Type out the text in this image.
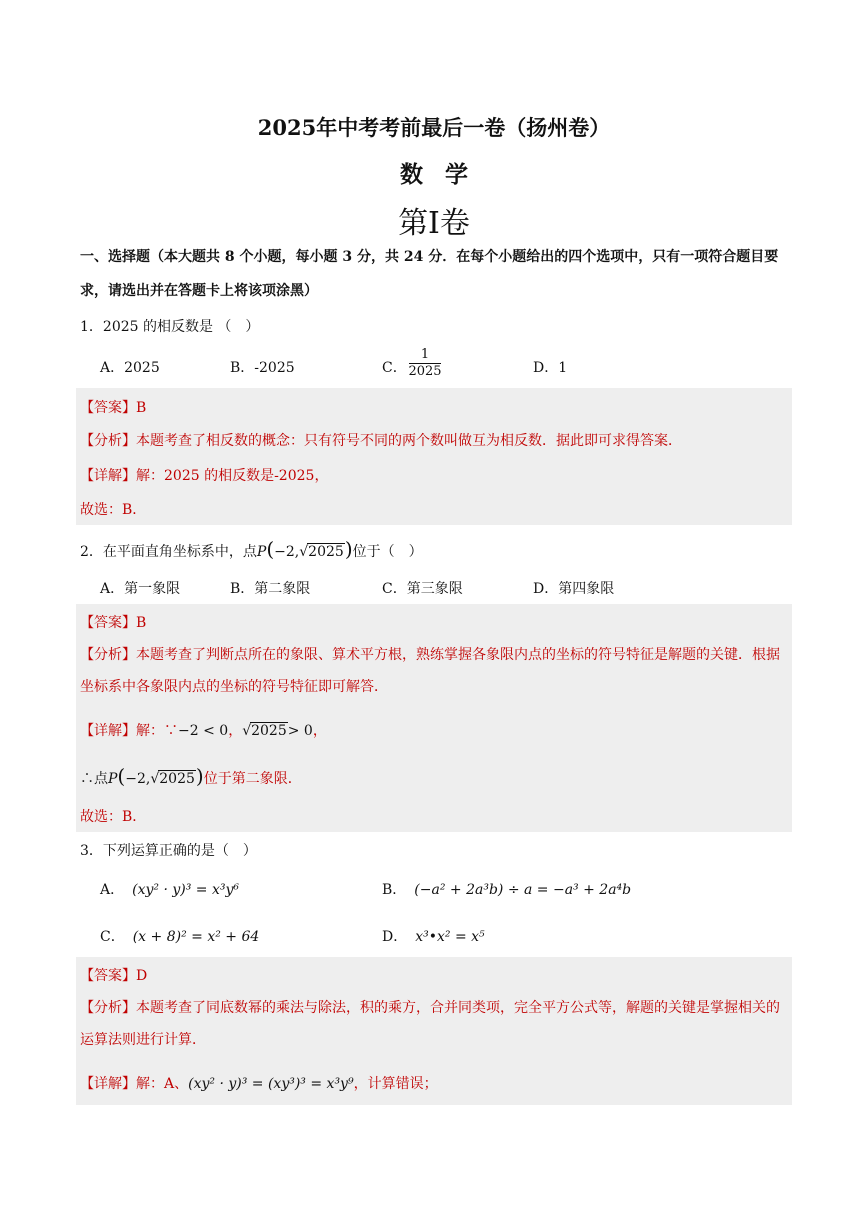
2025年中考考前最后一卷（扬州卷）
数学
第I卷
一、选择题（本大题共 8 个小题，每小题 3 分，共 24 分．在每个小题给出的四个选项中，只有一项符合题目要求，请选出并在答题卡上将该项涂黑）
1．2025 的相反数是 （　）
A．2025	B．-2025	C．
1
2025	D．1
【答案】B
【分析】本题考查了相反数的概念：只有符号不同的两个数叫做互为相反数．据此即可求得答案．
【详解】解：2025 的相反数是-2025，
故选：B．
2．在平面直角坐标系中，点P(−2,√2025)位于（　）
A．第一象限	B．第二象限	C．第三象限	D．第四象限
【答案】B
【分析】本题考查了判断点所在的象限、算术平方根，熟练掌握各象限内点的坐标的符号特征是解题的关键．根据坐标系中各象限内点的坐标的符号特征即可解答．
【详解】解：∵−2 < 0，√2025> 0，
∴点P(−2,√2025)位于第二象限．
故选：B．
3．下列运算正确的是（　）
A． (xy² · y)³ = x³y⁶	B． (−a² + 2a³b) ÷ a = −a³ + 2a⁴b
C． (x + 8)² = x² + 64	D． x³•x² = x⁵
【答案】D
【分析】本题考查了同底数幂的乘法与除法，积的乘方，合并同类项，完全平方公式等，解题的关键是掌握相关的运算法则进行计算．
【详解】解：A、(xy² · y)³ = (xy³)³ = x³y⁹，计算错误；
